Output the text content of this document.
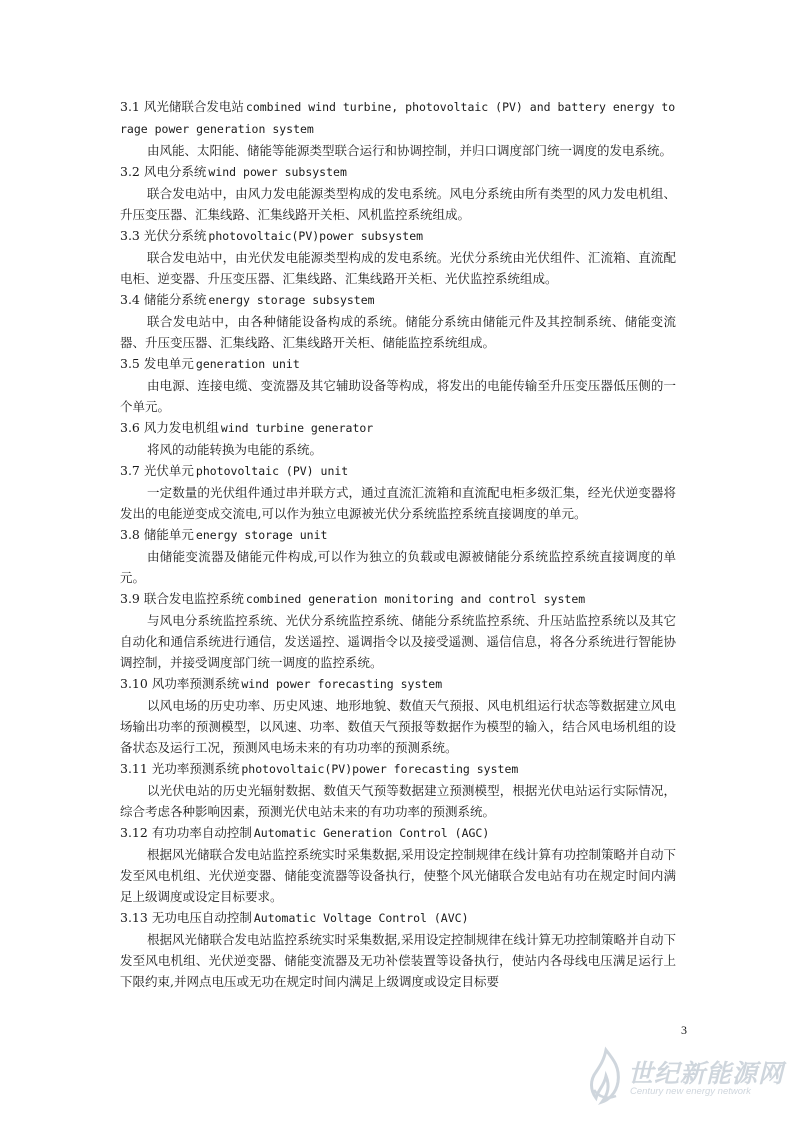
3.1 风光储联合发电站 combined wind turbine, photovoltaic (PV) and battery energy to

rage power generation system

由风能、太阳能、储能等能源类型联合运行和协调控制，并归口调度部门统一调度的发电系统。

3.2 风电分系统 wind power subsystem

联合发电站中，由风力发电能源类型构成的发电系统。风电分系统由所有类型的风力发电机组、升压变压器、汇集线路、汇集线路开关柜、风机监控系统组成。

3.3 光伏分系统 photovoltaic(PV)power subsystem

联合发电站中，由光伏发电能源类型构成的发电系统。光伏分系统由光伏组件、汇流箱、直流配电柜、逆变器、升压变压器、汇集线路、汇集线路开关柜、光伏监控系统组成。

3.4 储能分系统 energy storage subsystem

联合发电站中，由各种储能设备构成的系统。储能分系统由储能元件及其控制系统、储能变流器、升压变压器、汇集线路、汇集线路开关柜、储能监控系统组成。

3.5 发电单元 generation unit

由电源、连接电缆、变流器及其它辅助设备等构成，将发出的电能传输至升压变压器低压侧的一个单元。

3.6 风力发电机组 wind turbine generator

将风的动能转换为电能的系统。

3.7 光伏单元 photovoltaic (PV) unit

一定数量的光伏组件通过串并联方式，通过直流汇流箱和直流配电柜多级汇集，经光伏逆变器将发出的电能逆变成交流电,可以作为独立电源被光伏分系统监控系统直接调度的单元。

3.8 储能单元 energy storage unit

由储能变流器及储能元件构成,可以作为独立的负载或电源被储能分系统监控系统直接调度的单元。

3.9 联合发电监控系统 combined generation monitoring and control system

与风电分系统监控系统、光伏分系统监控系统、储能分系统监控系统、升压站监控系统以及其它自动化和通信系统进行通信，发送遥控、遥调指令以及接受遥测、遥信信息，将各分系统进行智能协调控制，并接受调度部门统一调度的监控系统。

3.10 风功率预测系统 wind power forecasting system

以风电场的历史功率、历史风速、地形地貌、数值天气预报、风电机组运行状态等数据建立风电场输出功率的预测模型，以风速、功率、数值天气预报等数据作为模型的输入，结合风电场机组的设备状态及运行工况，预测风电场未来的有功功率的预测系统。

3.11 光功率预测系统 photovoltaic(PV)power forecasting system

以光伏电站的历史光辐射数据、数值天气预等数据建立预测模型，根据光伏电站运行实际情况，综合考虑各种影响因素，预测光伏电站未来的有功功率的预测系统。

3.12 有功功率自动控制 Automatic Generation Control (AGC)

根据风光储联合发电站监控系统实时采集数据,采用设定控制规律在线计算有功控制策略并自动下发至风电机组、光伏逆变器、储能变流器等设备执行，使整个风光储联合发电站有功在规定时间内满足上级调度或设定目标要求。

3.13 无功电压自动控制 Automatic Voltage Control (AVC)

根据风光储联合发电站监控系统实时采集数据,采用设定控制规律在线计算无功控制策略并自动下发至风电机组、光伏逆变器、储能变流器及无功补偿装置等设备执行，使站内各母线电压满足运行上下限约束,并网点电压或无功在规定时间内满足上级调度或设定目标要

3
世纪新能源网
Century new energy network
